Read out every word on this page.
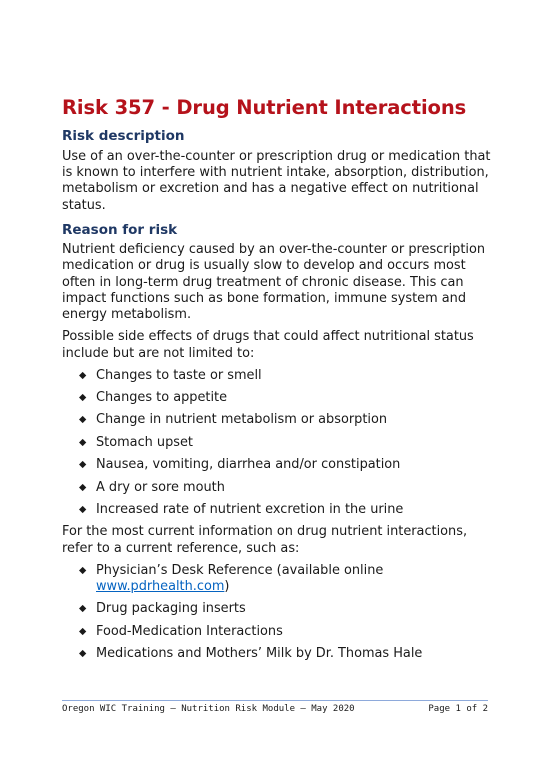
Risk 357 - Drug Nutrient Interactions
Risk description

Use of an over-the-counter or prescription drug or medication that is known to interfere with nutrient intake, absorption, distribution, metabolism or excretion and has a negative effect on nutritional status.

Reason for risk

Nutrient deficiency caused by an over-the-counter or prescription medication or drug is usually slow to develop and occurs most often in long-term drug treatment of chronic disease. This can impact functions such as bone formation, immune system and energy metabolism.

Possible side effects of drugs that could affect nutritional status include but are not limited to:

◆ Changes to taste or smell
◆ Changes to appetite
◆ Change in nutrient metabolism or absorption
◆ Stomach upset
◆ Nausea, vomiting, diarrhea and/or constipation
◆ A dry or sore mouth
◆ Increased rate of nutrient excretion in the urine

For the most current information on drug nutrient interactions, refer to a current reference, such as:

◆ Physician’s Desk Reference (available online www.pdrhealth.com)
◆ Drug packaging inserts
◆ Food-Medication Interactions
◆ Medications and Mothers’ Milk by Dr. Thomas Hale
Oregon WIC Training – Nutrition Risk Module – May 2020	Page 1 of 2
